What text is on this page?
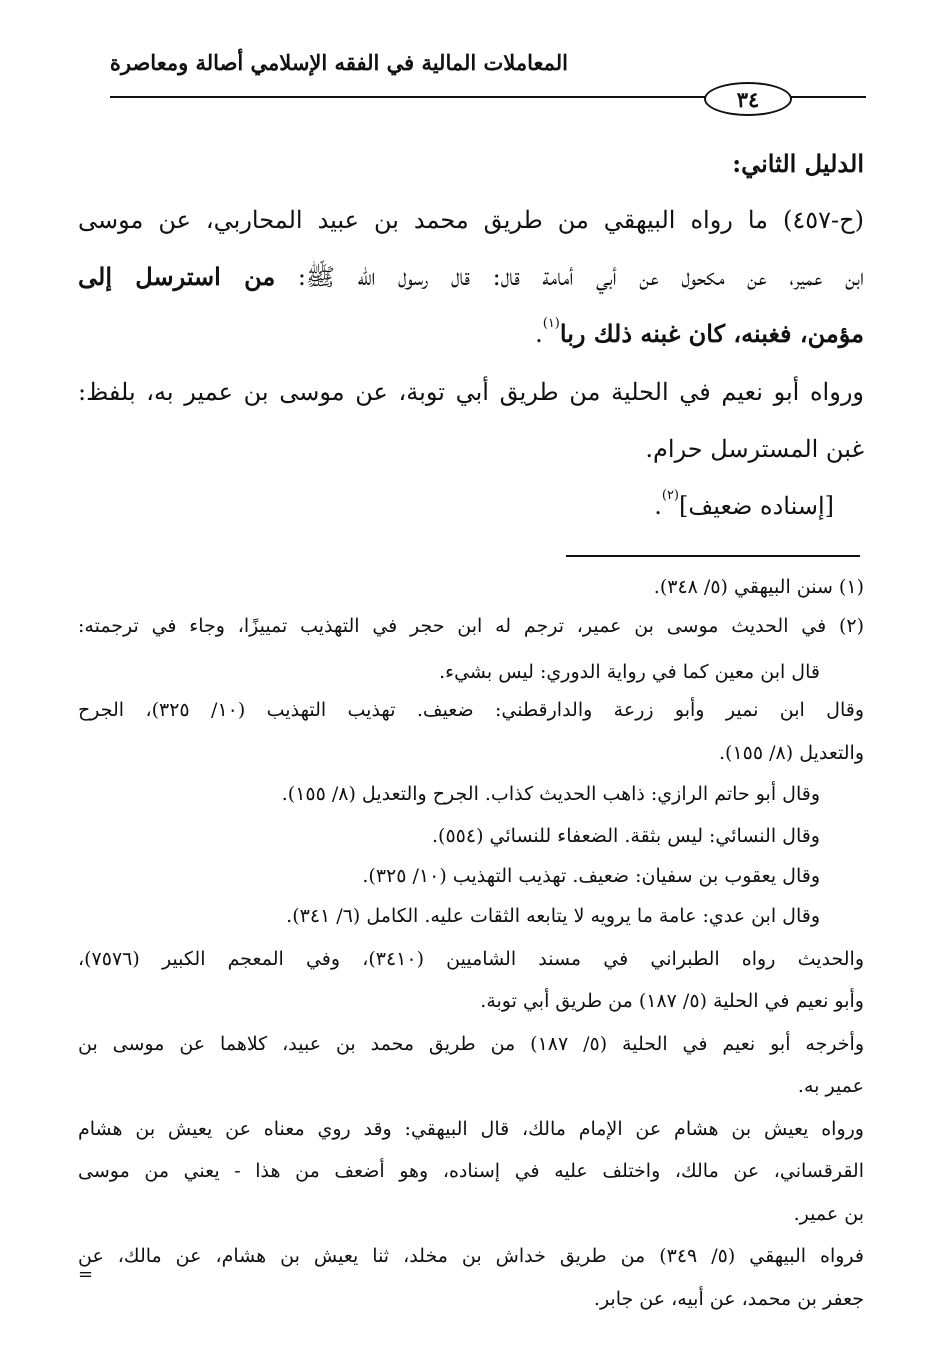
المعاملات المالية في الفقه الإسلامي أصالة ومعاصرة
٣٤
الدليل الثاني:
(ح-٤٥٧) ما رواه البيهقي من طريق محمد بن عبيد المحاربي، عن موسى
ابن عمير، عن مكحول عن أبي أمامة قال: قال رسول الله ﷺ: من استرسل إلى
مؤمن، فغبنه، كان غبنه ذلك ربا$^{(١)}$.
ورواه أبو نعيم في الحلية من طريق أبي توبة، عن موسى بن عمير به، بلفظ:
غبن المسترسل حرام.
[إسناده ضعيف]$^{(٢)}$.
(١) سنن البيهقي (٥/ ٣٤٨).
(٢) في الحديث موسى بن عمير، ترجم له ابن حجر في التهذيب تمييزًا، وجاء في ترجمته:
قال ابن معين كما في رواية الدوري: ليس بشيء.
وقال ابن نمير وأبو زرعة والدارقطني: ضعيف. تهذيب التهذيب (١٠/ ٣٢٥)، الجرح
والتعديل (٨/ ١٥٥).
وقال أبو حاتم الرازي: ذاهب الحديث كذاب. الجرح والتعديل (٨/ ١٥٥).
وقال النسائي: ليس بثقة. الضعفاء للنسائي (٥٥٤).
وقال يعقوب بن سفيان: ضعيف. تهذيب التهذيب (١٠/ ٣٢٥).
وقال ابن عدي: عامة ما يرويه لا يتابعه الثقات عليه. الكامل (٦/ ٣٤١).
والحديث رواه الطبراني في مسند الشاميين (٣٤١٠)، وفي المعجم الكبير (٧٥٧٦)،
وأبو نعيم في الحلية (٥/ ١٨٧) من طريق أبي توبة.
وأخرجه أبو نعيم في الحلية (٥/ ١٨٧) من طريق محمد بن عبيد، كلاهما عن موسى بن
عمير به.
ورواه يعيش بن هشام عن الإمام مالك، قال البيهقي: وقد روي معناه عن يعيش بن هشام
القرقساني، عن مالك، واختلف عليه في إسناده، وهو أضعف من هذا - يعني من موسى
بن عمير.
فرواه البيهقي (٥/ ٣٤٩) من طريق خداش بن مخلد، ثنا يعيش بن هشام، عن مالك، عن
جعفر بن محمد، عن أبيه، عن جابر.
=
